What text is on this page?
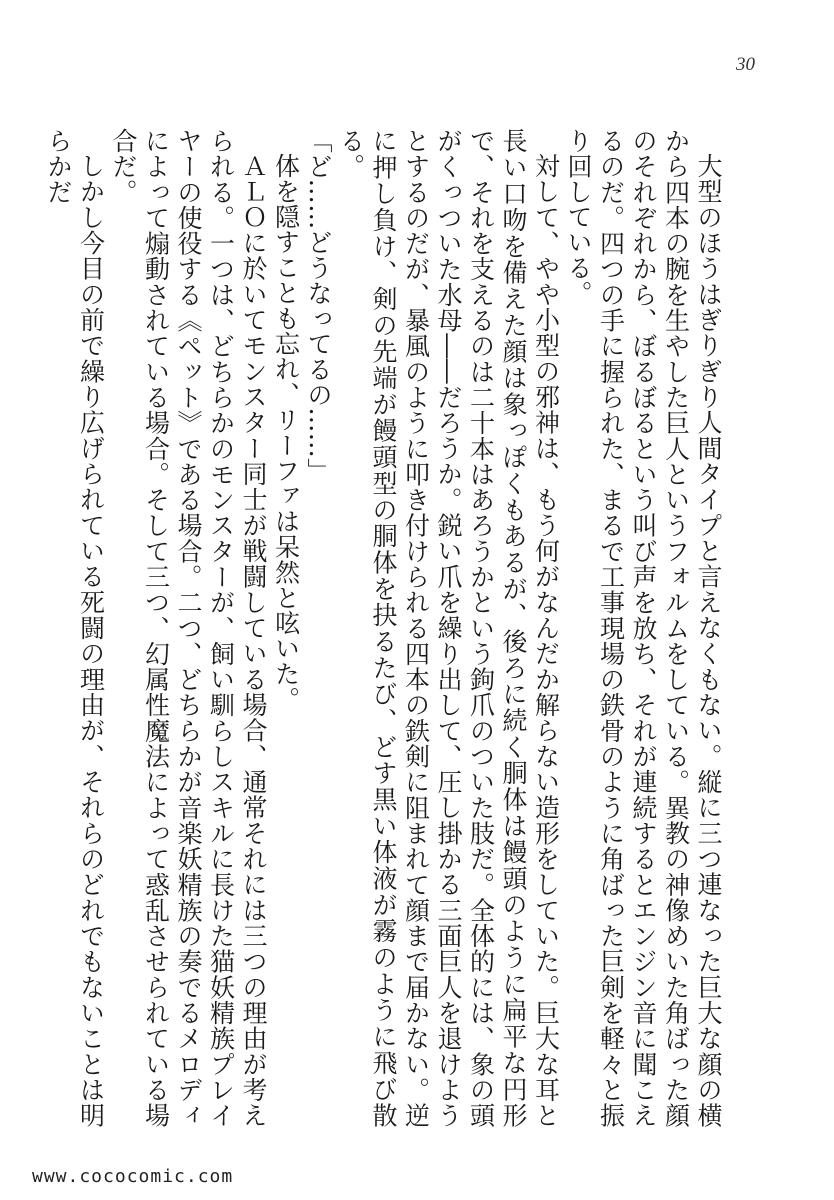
30

大型のほうはぎりぎり人間タイプと言えなくもない。縦に三つ連なった巨大な顔の横から四本の腕を生やした巨人というフォルムをしている。異教の神像めいた角ばった顔のそれぞれから、ぼるぼるという叫び声を放ち、それが連続するとエンジン音に聞こえるのだ。四つの手に握られた、まるで工事現場の鉄骨のように角ばった巨剣を軽々と振り回している。

対して、やや小型の邪神は、もう何がなんだか解らない造形をしていた。巨大な耳と長い口吻を備えた顔は象っぽくもあるが、後ろに続く胴体は饅頭のように扁平な円形で、それを支えるのは二十本はあろうかという鉤爪のついた肢だ。全体的には、象の頭がくっついた水母――だろうか。鋭い爪を繰り出して、圧し掛かる三面巨人を退けようとするのだが、暴風のように叩き付けられる四本の鉄剣に阻まれて顔まで届かない。逆に押し負け、剣の先端が饅頭型の胴体を抉るたび、どす黒い体液が霧のように飛び散る。

「ど……どうなってるの……」

体を隠すことも忘れ、リーファは呆然と呟いた。

ＡＬＯに於いてモンスター同士が戦闘している場合、通常それには三つの理由が考えられる。一つは、どちらかのモンスターが、飼い馴らしスキルに長けた猫妖精族プレイヤーの使役する《ペット》である場合。二つ、どちらかが音楽妖精族の奏でるメロディによって煽動されている場合。そして三つ、幻属性魔法によって惑乱させられている場合だ。

しかし今目の前で繰り広げられている死闘の理由が、それらのどれでもないことは明らかだ

www.cococomic.com
